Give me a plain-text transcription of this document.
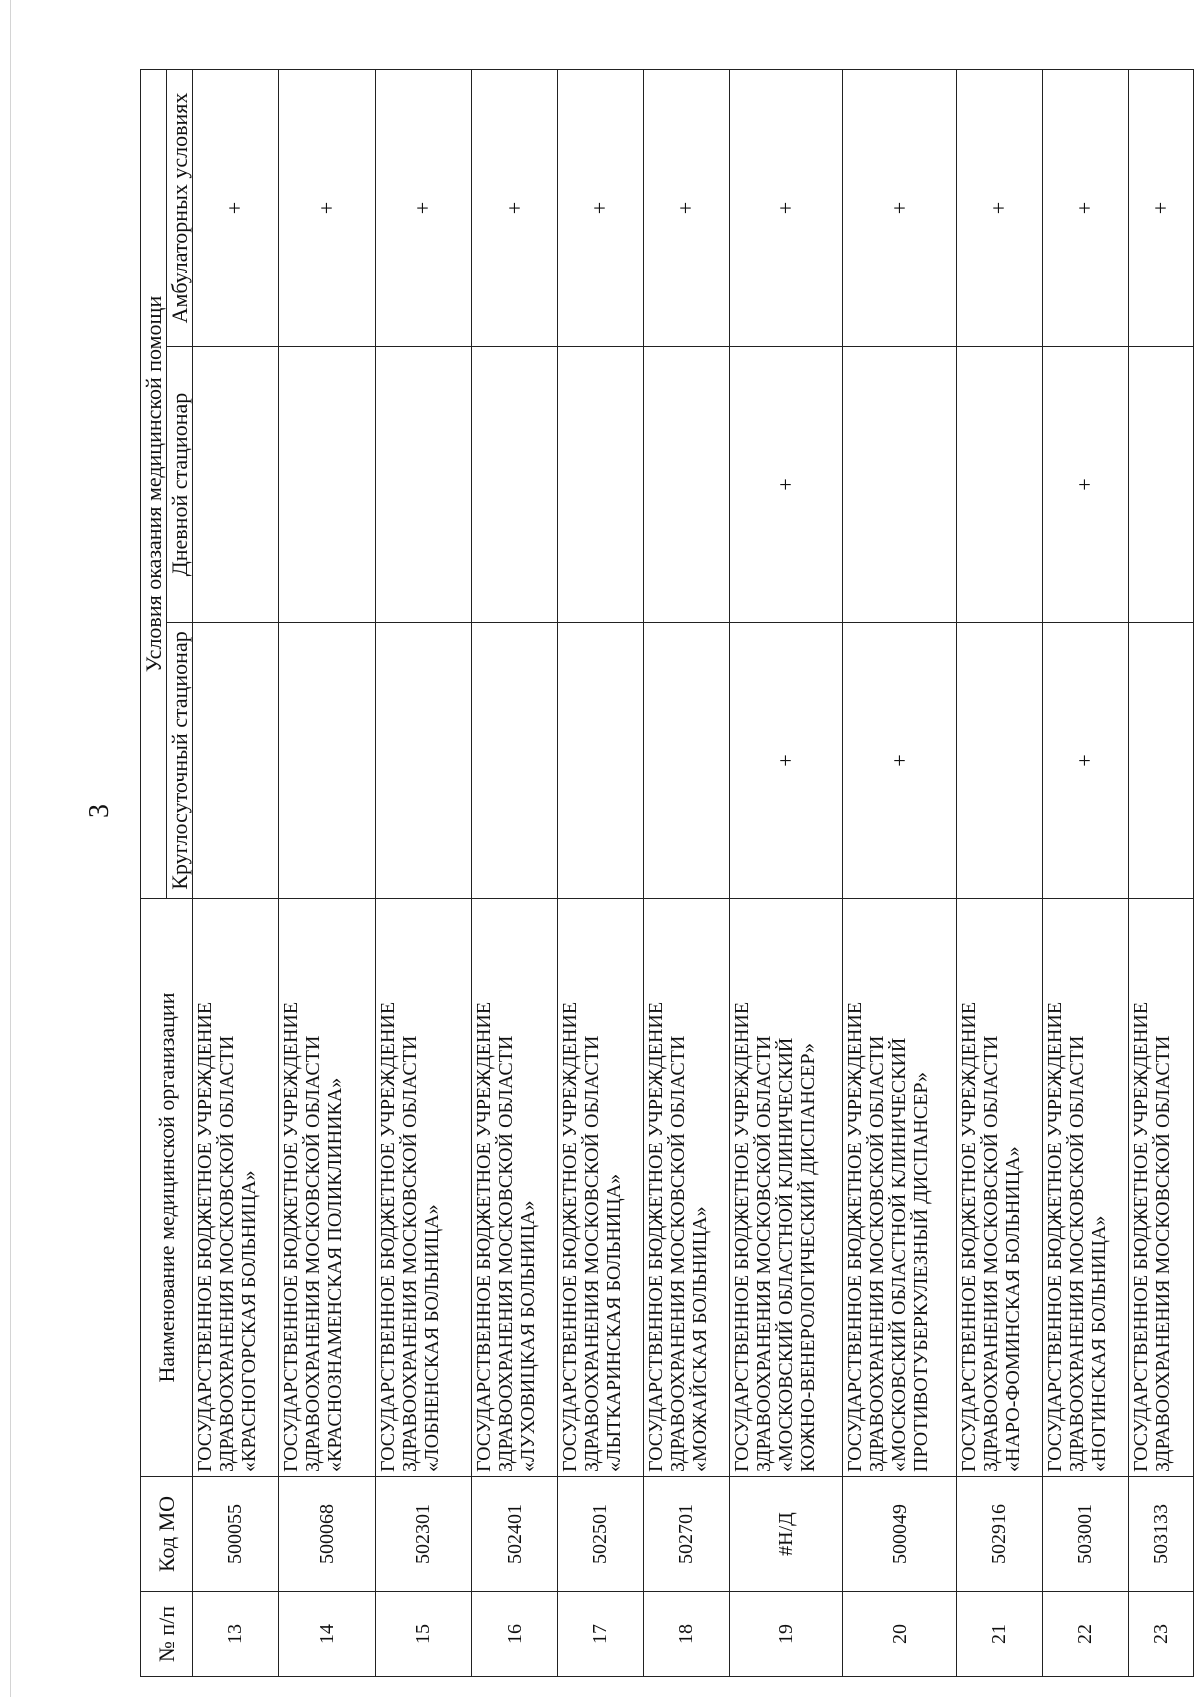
3
№ п/п	Код МО	Наименование медицинской организации	Условия оказания медицинской помощи		
			Круглосуточный стационар	Дневной стационар	Амбулаторных условиях
13	500055	ГОСУДАРСТВЕННОЕ БЮДЖЕТНОЕ УЧРЕЖДЕНИЕ ЗДРАВООХРАНЕНИЯ МОСКОВСКОЙ ОБЛАСТИ «КРАСНОГОРСКАЯ БОЛЬНИЦА»			+
14	500068	ГОСУДАРСТВЕННОЕ БЮДЖЕТНОЕ УЧРЕЖДЕНИЕ ЗДРАВООХРАНЕНИЯ МОСКОВСКОЙ ОБЛАСТИ «КРАСНОЗНАМЕНСКАЯ ПОЛИКЛИНИКА»			+
15	502301	ГОСУДАРСТВЕННОЕ БЮДЖЕТНОЕ УЧРЕЖДЕНИЕ ЗДРАВООХРАНЕНИЯ МОСКОВСКОЙ ОБЛАСТИ «ЛОБНЕНСКАЯ БОЛЬНИЦА»			+
16	502401	ГОСУДАРСТВЕННОЕ БЮДЖЕТНОЕ УЧРЕЖДЕНИЕ ЗДРАВООХРАНЕНИЯ МОСКОВСКОЙ ОБЛАСТИ «ЛУХОВИЦКАЯ БОЛЬНИЦА»			+
17	502501	ГОСУДАРСТВЕННОЕ БЮДЖЕТНОЕ УЧРЕЖДЕНИЕ ЗДРАВООХРАНЕНИЯ МОСКОВСКОЙ ОБЛАСТИ «ЛЫТКАРИНСКАЯ БОЛЬНИЦА»			+
18	502701	ГОСУДАРСТВЕННОЕ БЮДЖЕТНОЕ УЧРЕЖДЕНИЕ ЗДРАВООХРАНЕНИЯ МОСКОВСКОЙ ОБЛАСТИ «МОЖАЙСКАЯ БОЛЬНИЦА»			+
19	#Н/Д	ГОСУДАРСТВЕННОЕ БЮДЖЕТНОЕ УЧРЕЖДЕНИЕ ЗДРАВООХРАНЕНИЯ МОСКОВСКОЙ ОБЛАСТИ «МОСКОВСКИЙ ОБЛАСТНОЙ КЛИНИЧЕСКИЙ КОЖНО-ВЕНЕРОЛОГИЧЕСКИЙ ДИСПАНСЕР»	+	+	+
20	500049	ГОСУДАРСТВЕННОЕ БЮДЖЕТНОЕ УЧРЕЖДЕНИЕ ЗДРАВООХРАНЕНИЯ МОСКОВСКОЙ ОБЛАСТИ «МОСКОВСКИЙ ОБЛАСТНОЙ КЛИНИЧЕСКИЙ ПРОТИВОТУБЕРКУЛЕЗНЫЙ ДИСПАНСЕР»	+		+
21	502916	ГОСУДАРСТВЕННОЕ БЮДЖЕТНОЕ УЧРЕЖДЕНИЕ ЗДРАВООХРАНЕНИЯ МОСКОВСКОЙ ОБЛАСТИ «НАРО-ФОМИНСКАЯ БОЛЬНИЦА»			+
22	503001	ГОСУДАРСТВЕННОЕ БЮДЖЕТНОЕ УЧРЕЖДЕНИЕ ЗДРАВООХРАНЕНИЯ МОСКОВСКОЙ ОБЛАСТИ «НОГИНСКАЯ БОЛЬНИЦА»	+	+	+
23	503133	ГОСУДАРСТВЕННОЕ БЮДЖЕТНОЕ УЧРЕЖДЕНИЕ ЗДРАВООХРАНЕНИЯ МОСКОВСКОЙ ОБЛАСТИ			+
